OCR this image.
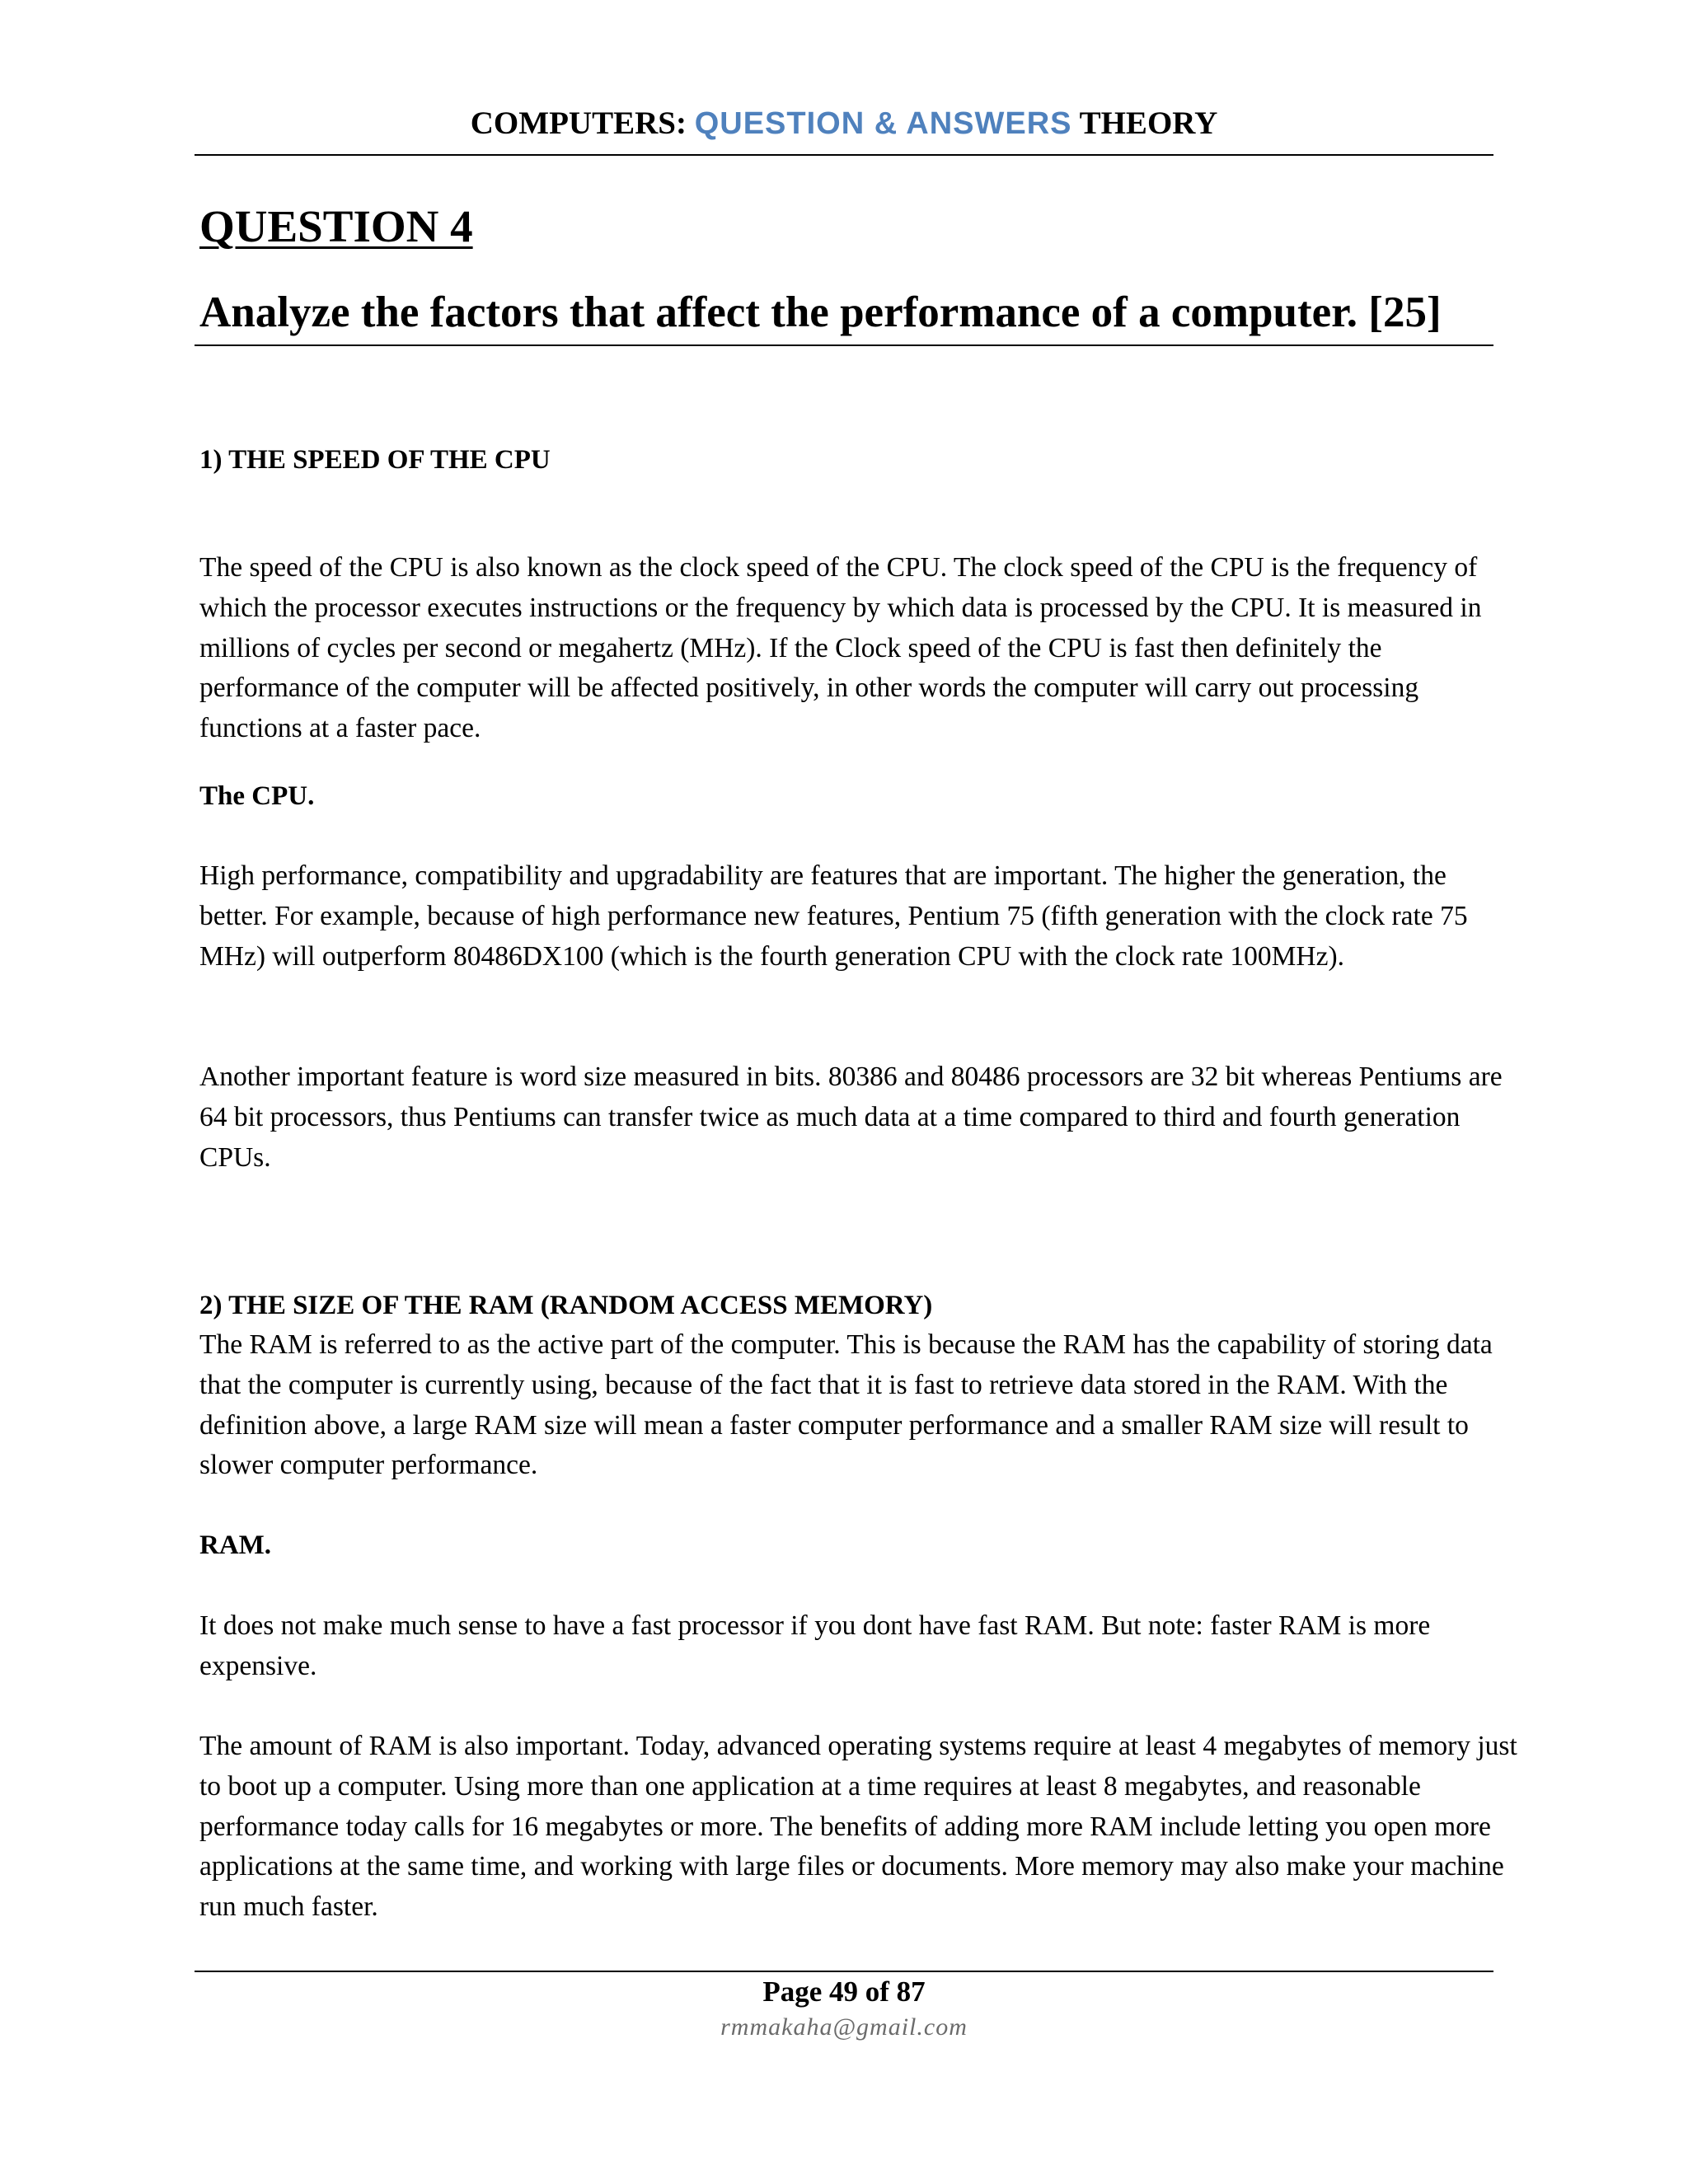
COMPUTERS: QUESTION & ANSWERS THEORY
QUESTION 4
Analyze the factors that affect the performance of a computer. [25]
1) THE SPEED OF THE CPU

The speed of the CPU is also known as the clock speed of the CPU. The clock speed of the CPU is the frequency of which the processor executes instructions or the frequency by which data is processed by the CPU. It is measured in millions of cycles per second or megahertz (MHz). If the Clock speed of the CPU is fast then definitely the performance of the computer will be affected positively, in other words the computer will carry out processing functions at a faster pace.

The CPU.

High performance, compatibility and upgradability are features that are important. The higher the generation, the better. For example, because of high performance new features, Pentium 75 (fifth generation with the clock rate 75 MHz) will outperform 80486DX100 (which is the fourth generation CPU with the clock rate 100MHz).

Another important feature is word size measured in bits. 80386 and 80486 processors are 32 bit whereas Pentiums are 64 bit processors, thus Pentiums can transfer twice as much data at a time compared to third and fourth generation CPUs.

2) THE SIZE OF THE RAM (RANDOM ACCESS MEMORY)

The RAM is referred to as the active part of the computer. This is because the RAM has the capability of storing data that the computer is currently using, because of the fact that it is fast to retrieve data stored in the RAM. With the definition above, a large RAM size will mean a faster computer performance and a smaller RAM size will result to slower computer performance.

RAM.

It does not make much sense to have a fast processor if you dont have fast RAM. But note: faster RAM is more expensive.

The amount of RAM is also important. Today, advanced operating systems require at least 4 megabytes of memory just to boot up a computer. Using more than one application at a time requires at least 8 megabytes, and reasonable performance today calls for 16 megabytes or more. The benefits of adding more RAM include letting you open more applications at the same time, and working with large files or documents. More memory may also make your machine run much faster.

Page 49 of 87
rmmakaha@gmail.com
